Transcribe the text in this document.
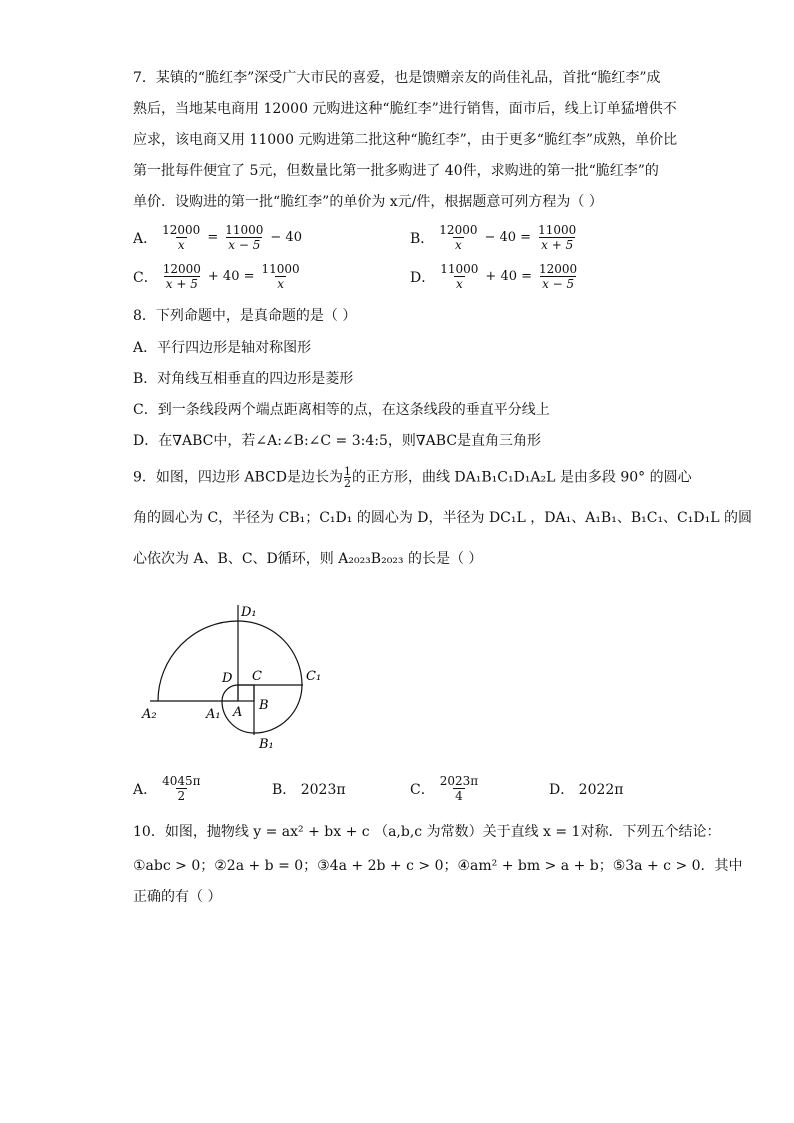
7．某镇的“脆红李”深受广大市民的喜爱，也是馈赠亲友的尚佳礼品，首批“脆红李”成
熟后，当地某电商用 12000 元购进这种“脆红李”进行销售，面市后，线上订单猛增供不
应求，该电商又用 11000 元购进第二批这种“脆红李”，由于更多“脆红李”成熟，单价比
第一批每件便宜了 5元，但数量比第一批多购进了 40件，求购进的第一批“脆红李”的
单价．设购进的第一批“脆红李”的单价为 x元/件，根据题意可列方程为（ ）
A． $\frac{12000}{x} = \frac{11000}{x - 5} - 40$	B． $\frac{12000}{x} - 40 = \frac{11000}{x + 5}$
C． $\frac{12000}{x + 5} + 40 = \frac{11000}{x}$	D． $\frac{11000}{x} + 40 = \frac{12000}{x - 5}$
8．下列命题中，是真命题的是（ ）
A．平行四边形是轴对称图形
B．对角线互相垂直的四边形是菱形
C．到一条线段两个端点距离相等的点，在这条线段的垂直平分线上
D．在∇ABC中，若∠A:∠B:∠C = 3:4:5，则∇ABC是直角三角形
9．如图，四边形 ABCD是边长为 $\frac{1}{2}$ 的正方形，曲线 DA₁B₁C₁D₁A₂L 是由多段 90° 的圆心
角的圆心为 C，半径为 CB₁；C₁D₁ 的圆心为 D，半径为 DC₁L ，DA₁、A₁B₁、B₁C₁、C₁D₁L 的圆
心依次为 A、B、C、D循环，则 A₂₀₂₃B₂₀₂₃ 的长是（ ）
D₁
D C	C₁
A₂	A₁ A B
B₁
A． $\frac{4045\pi}{2}$	B． 2023π	C． $\frac{2023\pi}{4}$	D． 2022π
10．如图，抛物线 y = ax² + bx + c （a,b,c 为常数）关于直线 x = 1对称．下列五个结论：
①abc > 0；②2a + b = 0；③4a + 2b + c > 0；④am² + bm > a + b；⑤3a + c > 0．其中
正确的有（ ）
